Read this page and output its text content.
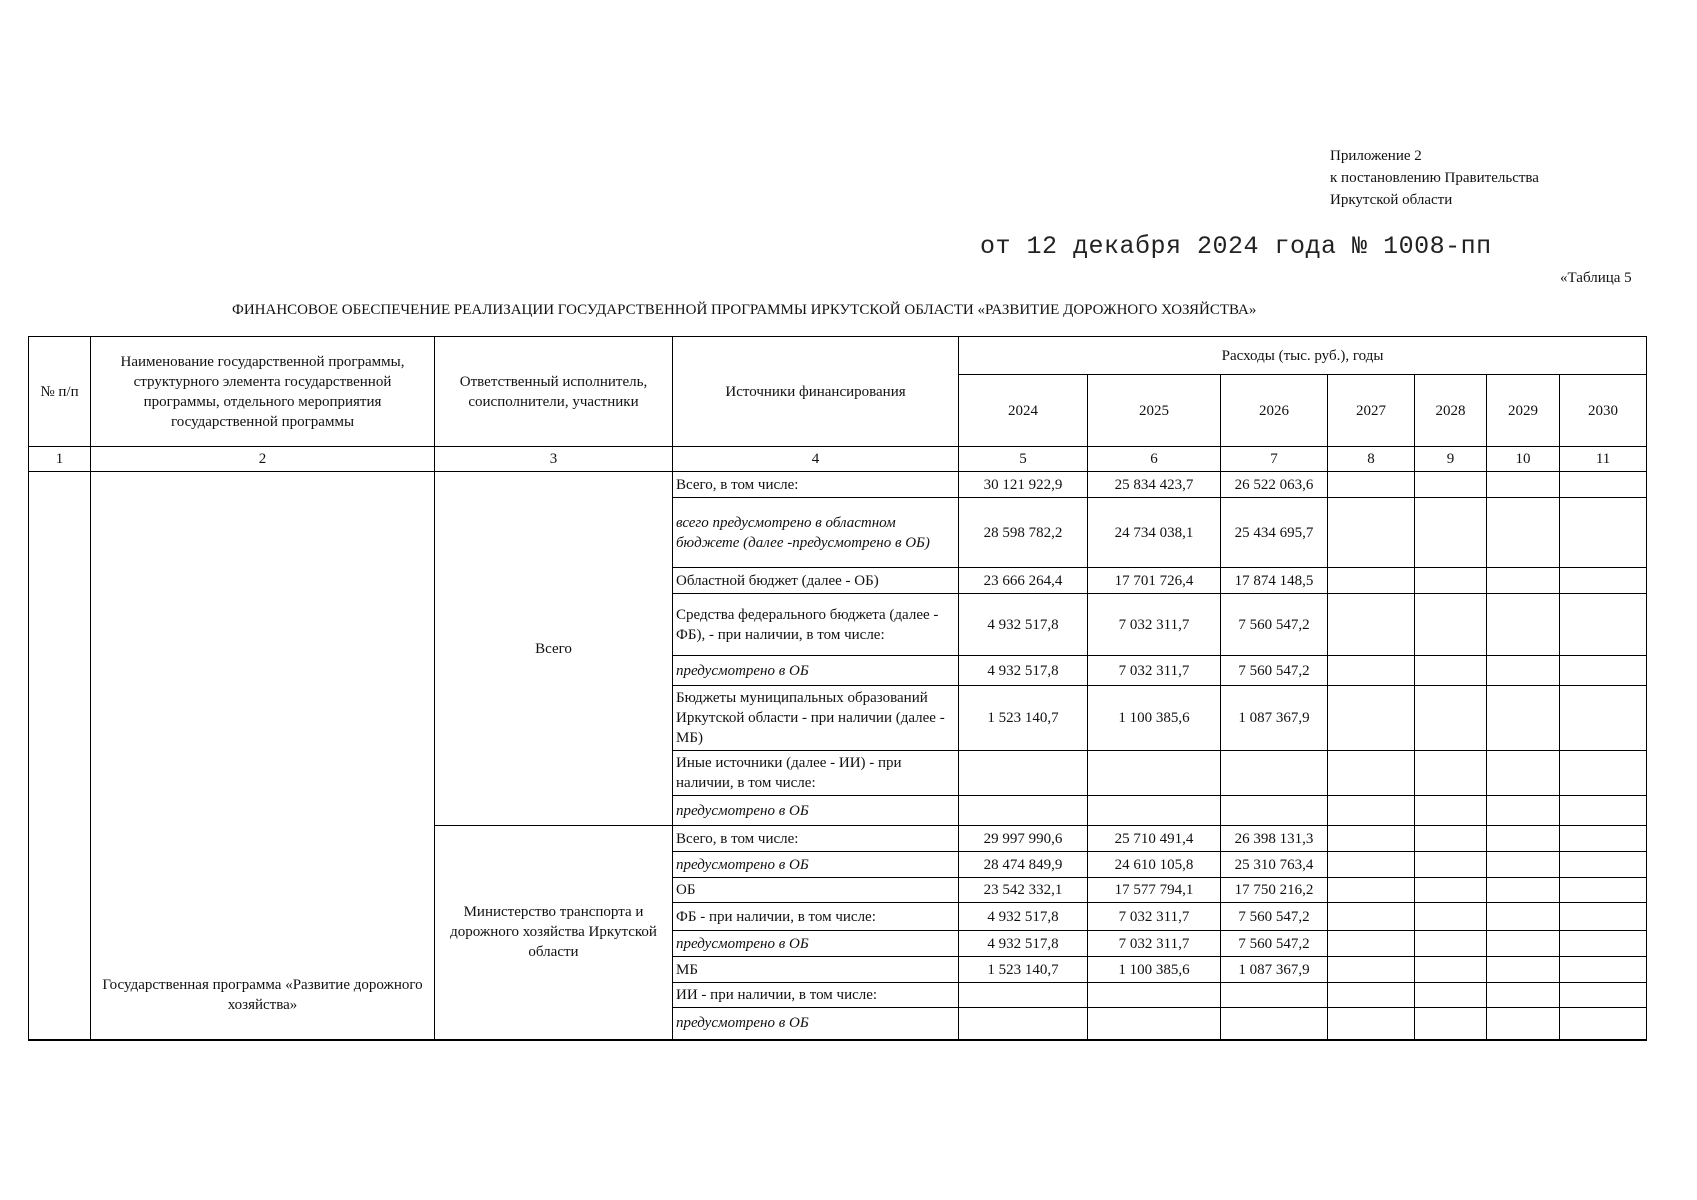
Приложение 2
к постановлению Правительства
Иркутской области
от 12 декабря 2024 года № 1008-пп
«Таблица 5
ФИНАНСОВОЕ ОБЕСПЕЧЕНИЕ РЕАЛИЗАЦИИ ГОСУДАРСТВЕННОЙ ПРОГРАММЫ ИРКУТСКОЙ ОБЛАСТИ «РАЗВИТИЕ ДОРОЖНОГО ХОЗЯЙСТВА»
№ п/п	Наименование государственной программы, структурного элемента государственной программы, отдельного мероприятия государственной программы	Ответственный исполнитель, соисполнители, участники	Источники финансирования	Расходы (тыс. руб.), годы						
				2024	2025	2026	2027	2028	2029	2030
1	2	3	4	5	6	7	8	9	10	11
	Государственная программа «Развитие дорожного хозяйства»	Всего	Всего, в том числе:	30 121 922,9	25 834 423,7	26 522 063,6				
			всего предусмотрено в областном бюджете (далее -предусмотрено в ОБ)	28 598 782,2	24 734 038,1	25 434 695,7				
			Областной бюджет (далее - ОБ)	23 666 264,4	17 701 726,4	17 874 148,5				
			Средства федерального бюджета (далее - ФБ), - при наличии, в том числе:	4 932 517,8	7 032 311,7	7 560 547,2				
			предусмотрено в ОБ	4 932 517,8	7 032 311,7	7 560 547,2				
			Бюджеты муниципальных образований Иркутской области - при наличии (далее - МБ)	1 523 140,7	1 100 385,6	1 087 367,9				
			Иные источники (далее - ИИ) - при наличии, в том числе:							
			предусмотрено в ОБ							
		Министерство транспорта и дорожного хозяйства Иркутской области	Всего, в том числе:	29 997 990,6	25 710 491,4	26 398 131,3				
			предусмотрено в ОБ	28 474 849,9	24 610 105,8	25 310 763,4				
			ОБ	23 542 332,1	17 577 794,1	17 750 216,2				
			ФБ - при наличии, в том числе:	4 932 517,8	7 032 311,7	7 560 547,2				
			предусмотрено в ОБ	4 932 517,8	7 032 311,7	7 560 547,2				
			МБ	1 523 140,7	1 100 385,6	1 087 367,9				
			ИИ - при наличии, в том числе:							
			предусмотрено в ОБ							
